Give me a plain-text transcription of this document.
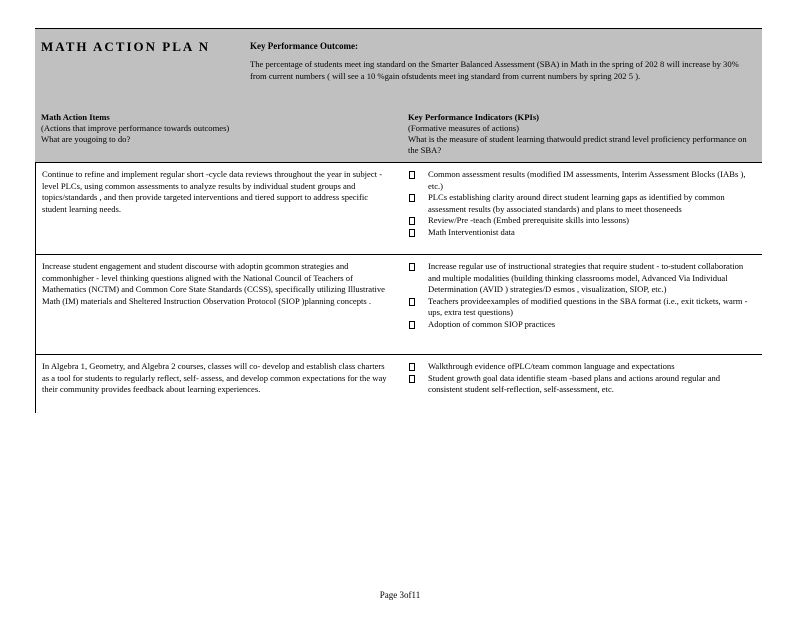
MATH ACTION PLA N	Key Performance Outcome:
The percentage of students meet ing standard on the Smarter Balanced Assessment (SBA) in Math in the spring of 202 8 will increase by 30% from current numbers ( will see a 10 %gain ofstudents meet ing standard from current numbers by spring 202 5 ).
Math Action Items
(Actions that improve performance towards outcomes)
What are yougoing to do?
Key Performance Indicators (KPIs)
(Formative measures of actions)
What is the measure of student learning thatwould predict strand level proficiency performance on the SBA?
Continue to refine and implement regular short -cycle data reviews throughout the year in subject -level PLCs, using common assessments to analyze results by individual student groups and topics/standards , and then provide targeted interventions and tiered support to address specific student learning needs.
Common assessment results (modified IM assessments, Interim Assessment Blocks (IABs ), etc.)
PLCs establishing clarity around direct student learning gaps as identified by common assessment results (by associated standards) and plans to meet thoseneeds
Review/Pre -teach (Embed prerequisite skills into lessons)
Math Interventionist data
Increase student engagement and student discourse with adoptin gcommon strategies and commonhigher - level thinking questions aligned with the National Council of Teachers of Mathematics (NCTM) and Common Core State Standards (CCSS), specifically utilizing Illustrative Math (IM) materials and Sheltered Instruction Observation Protocol (SIOP )planning concepts .
Increase regular use of instructional strategies that require student - to-student collaboration and multiple modalities (building thinking classrooms model, Advanced Via Individual Determination (AVID ) strategies/D esmos , visualization, SIOP, etc.)
Teachers provideexamples of modified questions in the SBA format (i.e., exit tickets, warm -ups, extra test questions)
Adoption of common SIOP practices
In Algebra 1, Geometry, and Algebra 2 courses, classes will co- develop and establish class charters as a tool for students to regularly reflect, self- assess, and develop common expectations for the way their community provides feedback about learning experiences.
Walkthrough evidence ofPLC/team common language and expectations
Student growth goal data identifie steam -based plans and actions around regular and consistent student self-reflection, self-assessment, etc.
Page 3of11
